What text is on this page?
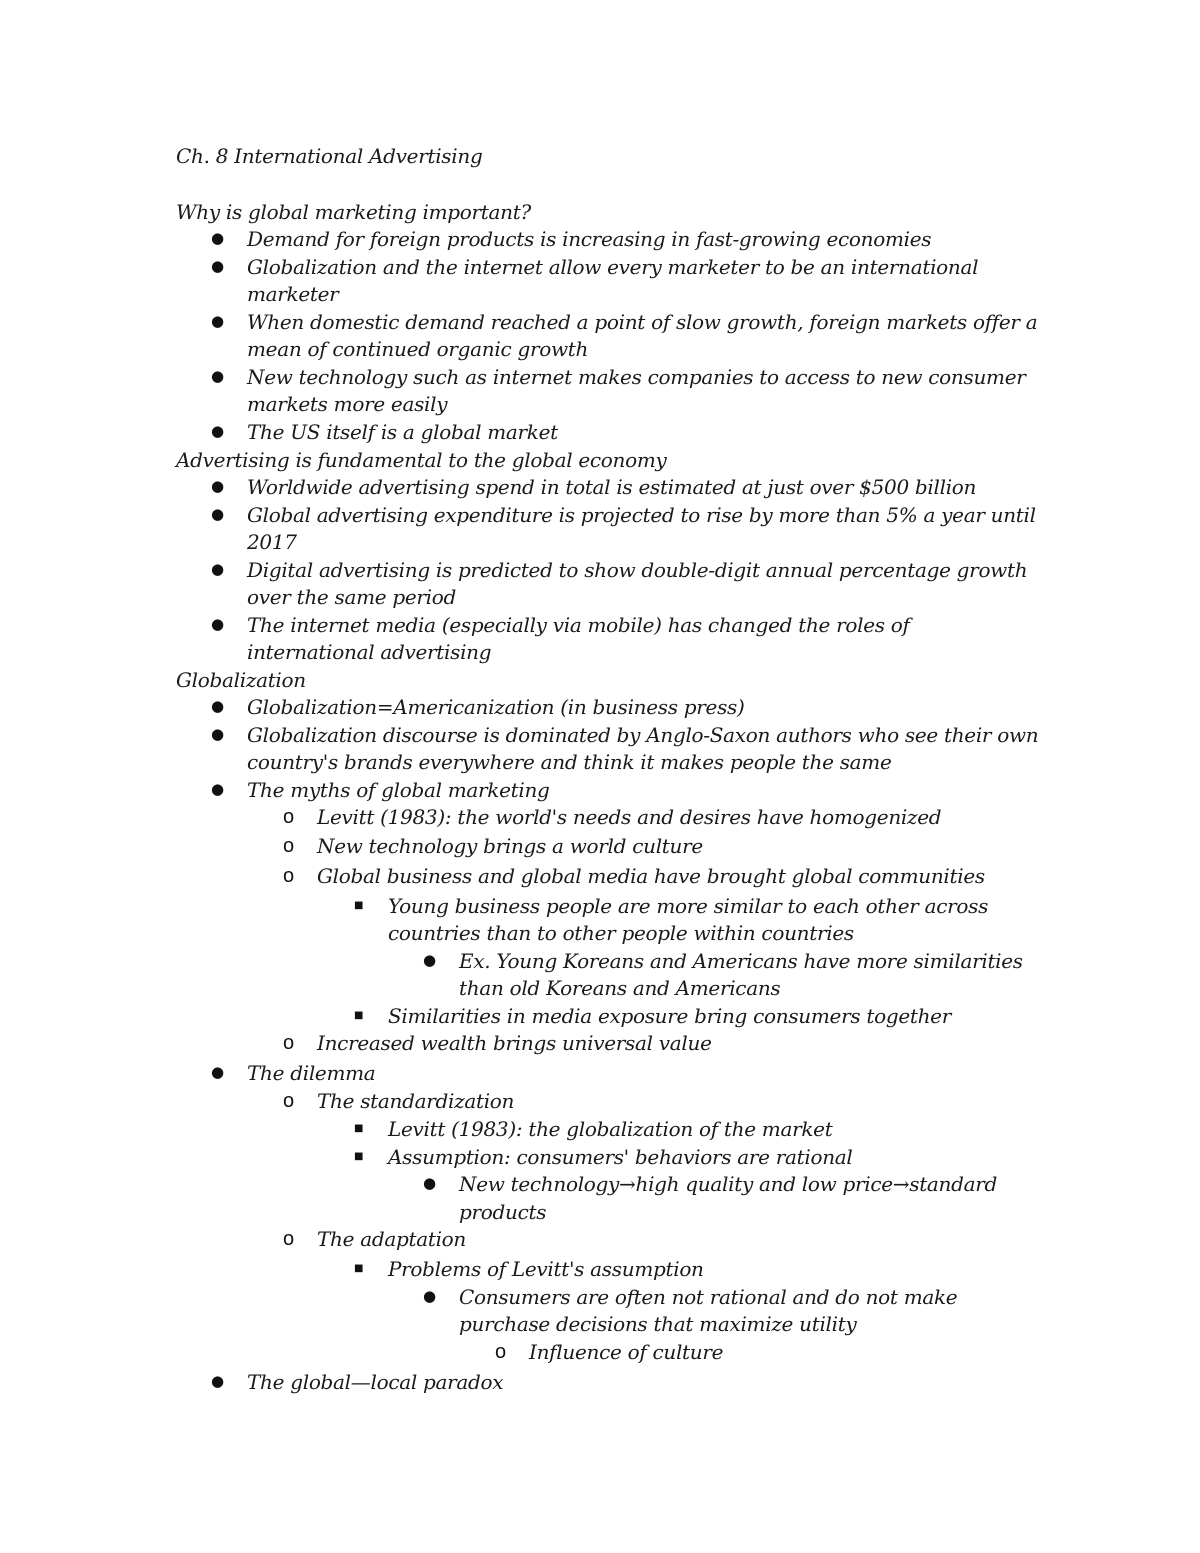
Ch. 8 International Advertising
Why is global marketing important?
● Demand for foreign products is increasing in fast-growing economies
● Globalization and the internet allow every marketer to be an international
marketer
● When domestic demand reached a point of slow growth, foreign markets offer a
mean of continued organic growth
● New technology such as internet makes companies to access to new consumer
markets more easily
● The US itself is a global market
Advertising is fundamental to the global economy
● Worldwide advertising spend in total is estimated at just over $500 billion
● Global advertising expenditure is projected to rise by more than 5% a year until
2017
● Digital advertising is predicted to show double-digit annual percentage growth
over the same period
● The internet media (especially via mobile) has changed the roles of
international advertising
Globalization
● Globalization=Americanization (in business press)
● Globalization discourse is dominated by Anglo-Saxon authors who see their own
country's brands everywhere and think it makes people the same
● The myths of global marketing
o Levitt (1983): the world's needs and desires have homogenized
o New technology brings a world culture
o Global business and global media have brought global communities
■ Young business people are more similar to each other across
countries than to other people within countries
● Ex. Young Koreans and Americans have more similarities
than old Koreans and Americans
■ Similarities in media exposure bring consumers together
o Increased wealth brings universal value
● The dilemma
o The standardization
■ Levitt (1983): the globalization of the market
■ Assumption: consumers' behaviors are rational
● New technology→high quality and low price→standard
products
o The adaptation
■ Problems of Levitt's assumption
● Consumers are often not rational and do not make
purchase decisions that maximize utility
o Influence of culture
● The global—local paradox
